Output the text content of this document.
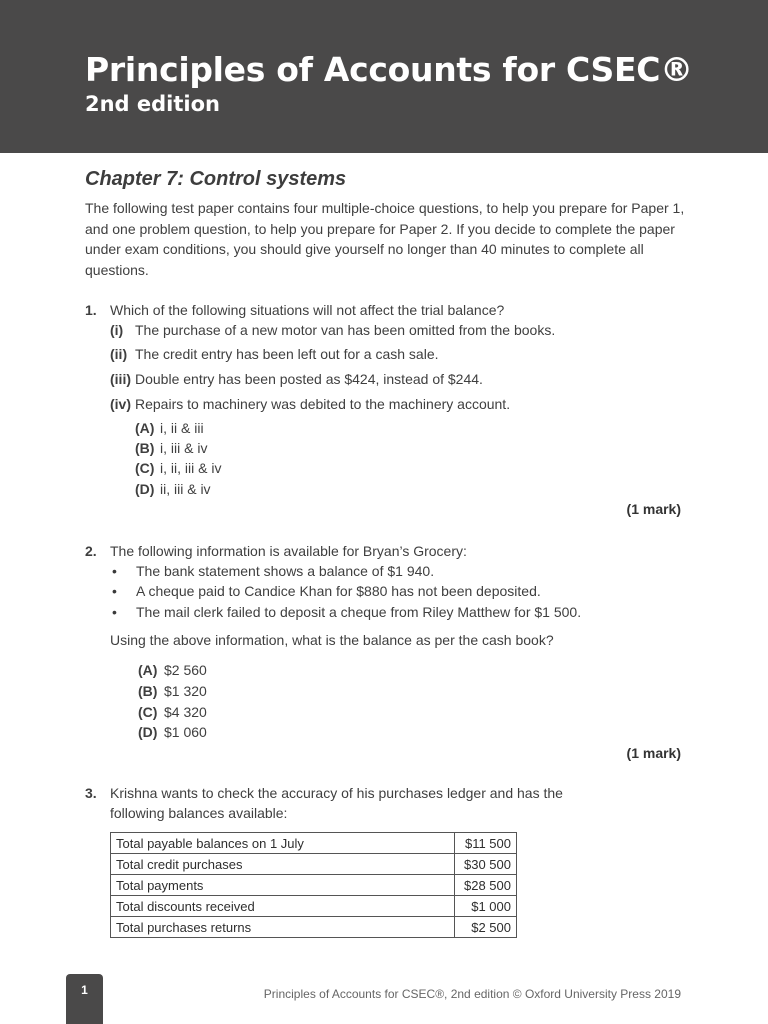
Principles of Accounts for CSEC®
2nd edition
Chapter 7: Control systems
The following test paper contains four multiple-choice questions, to help you prepare for Paper 1, and one problem question, to help you prepare for Paper 2. If you decide to complete the paper under exam conditions, you should give yourself no longer than 40 minutes to complete all questions.
1. Which of the following situations will not affect the trial balance?
(i) The purchase of a new motor van has been omitted from the books.
(ii) The credit entry has been left out for a cash sale.
(iii) Double entry has been posted as $424, instead of $244.
(iv) Repairs to machinery was debited to the machinery account.
(A) i, ii & iii
(B) i, iii & iv
(C) i, ii, iii & iv
(D) ii, iii & iv
(1 mark)
2. The following information is available for Bryan’s Grocery:
• The bank statement shows a balance of $1 940.
• A cheque paid to Candice Khan for $880 has not been deposited.
• The mail clerk failed to deposit a cheque from Riley Matthew for $1 500.
Using the above information, what is the balance as per the cash book?
(A) $2 560
(B) $1 320
(C) $4 320
(D) $1 060
(1 mark)
3. Krishna wants to check the accuracy of his purchases ledger and has the
following balances available:
Total payable balances on 1 July	$11 500
Total credit purchases	$30 500
Total payments	$28 500
Total discounts received	$1 000
Total purchases returns	$2 500
1	Principles of Accounts for CSEC®, 2nd edition © Oxford University Press 2019
